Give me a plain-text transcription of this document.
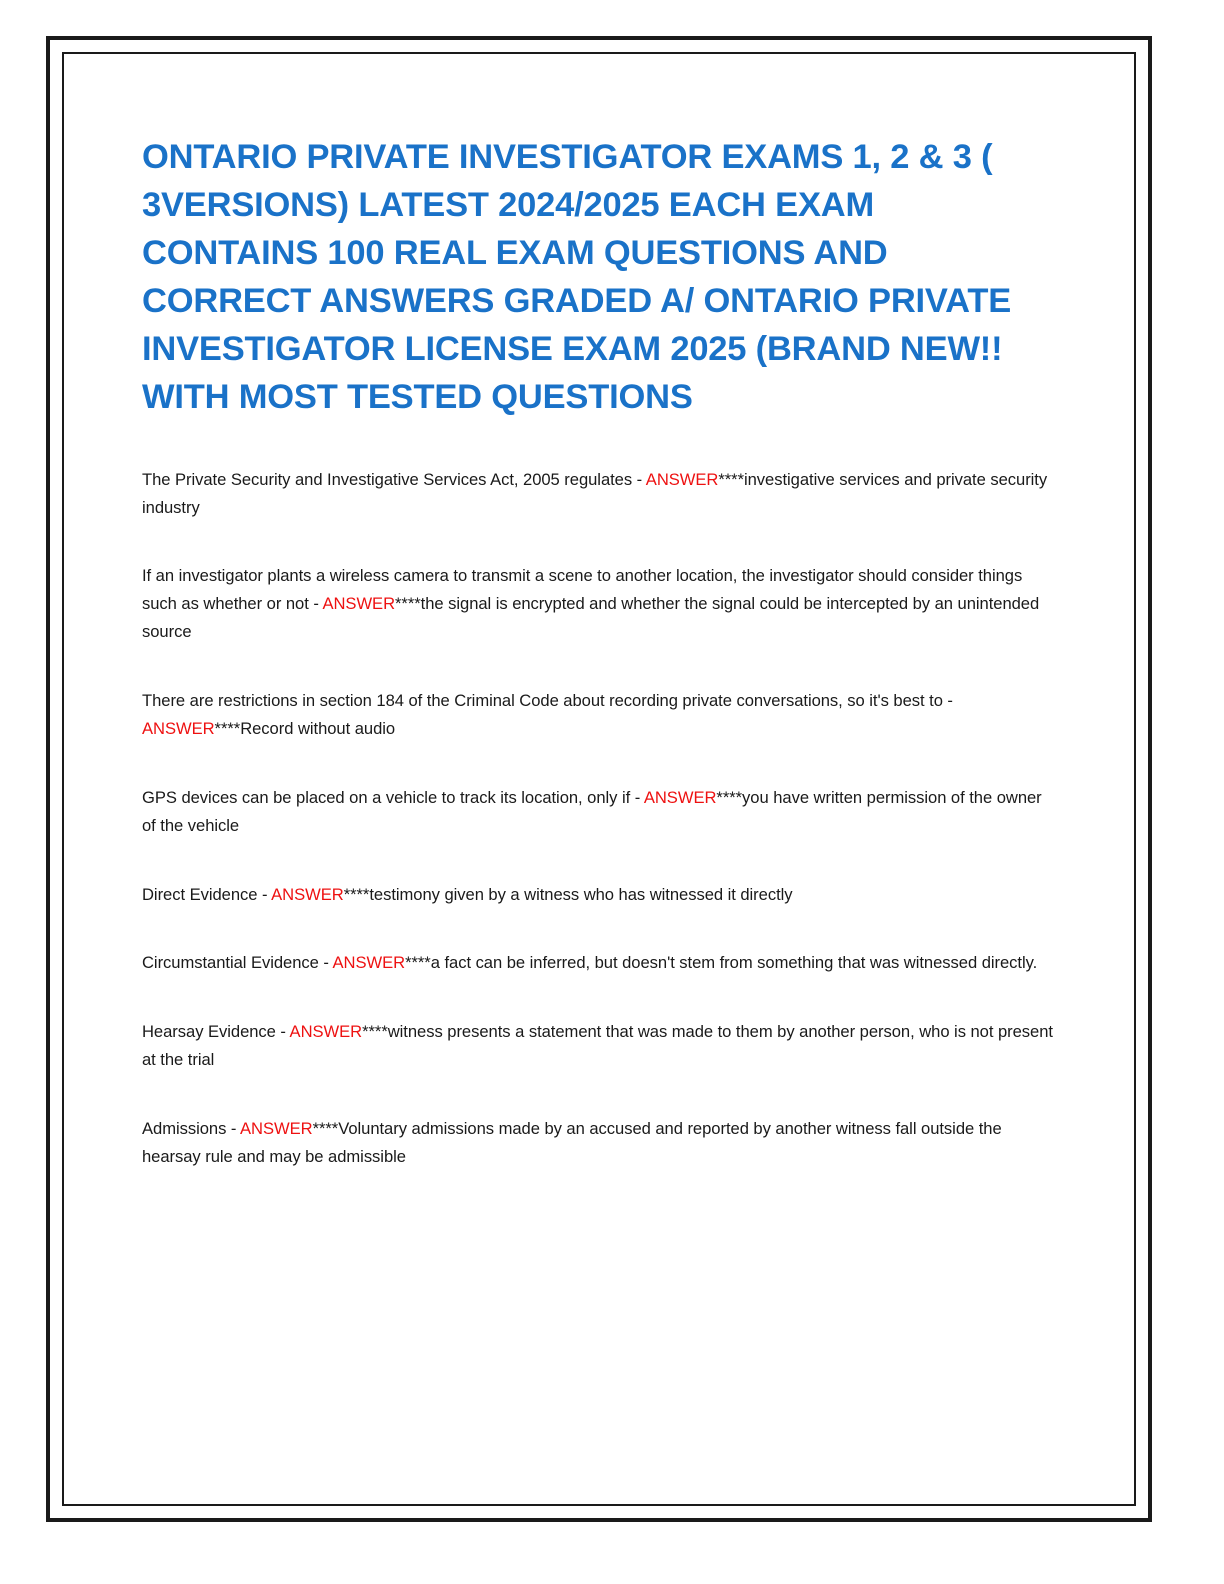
ONTARIO PRIVATE INVESTIGATOR EXAMS 1, 2 & 3 ( 3VERSIONS) LATEST 2024/2025 EACH EXAM CONTAINS 100 REAL EXAM QUESTIONS AND CORRECT ANSWERS GRADED A/ ONTARIO PRIVATE INVESTIGATOR LICENSE EXAM 2025 (BRAND NEW!! WITH MOST TESTED QUESTIONS
The Private Security and Investigative Services Act, 2005 regulates - ANSWER****investigative services and private security industry
If an investigator plants a wireless camera to transmit a scene to another location, the investigator should consider things such as whether or not - ANSWER****the signal is encrypted and whether the signal could be intercepted by an unintended source
There are restrictions in section 184 of the Criminal Code about recording private conversations, so it's best to - ANSWER****Record without audio
GPS devices can be placed on a vehicle to track its location, only if - ANSWER****you have written permission of the owner of the vehicle
Direct Evidence - ANSWER****testimony given by a witness who has witnessed it directly
Circumstantial Evidence - ANSWER****a fact can be inferred, but doesn't stem from something that was witnessed directly.
Hearsay Evidence - ANSWER****witness presents a statement that was made to them by another person, who is not present at the trial
Admissions - ANSWER****Voluntary admissions made by an accused and reported by another witness fall outside the hearsay rule and may be admissible
